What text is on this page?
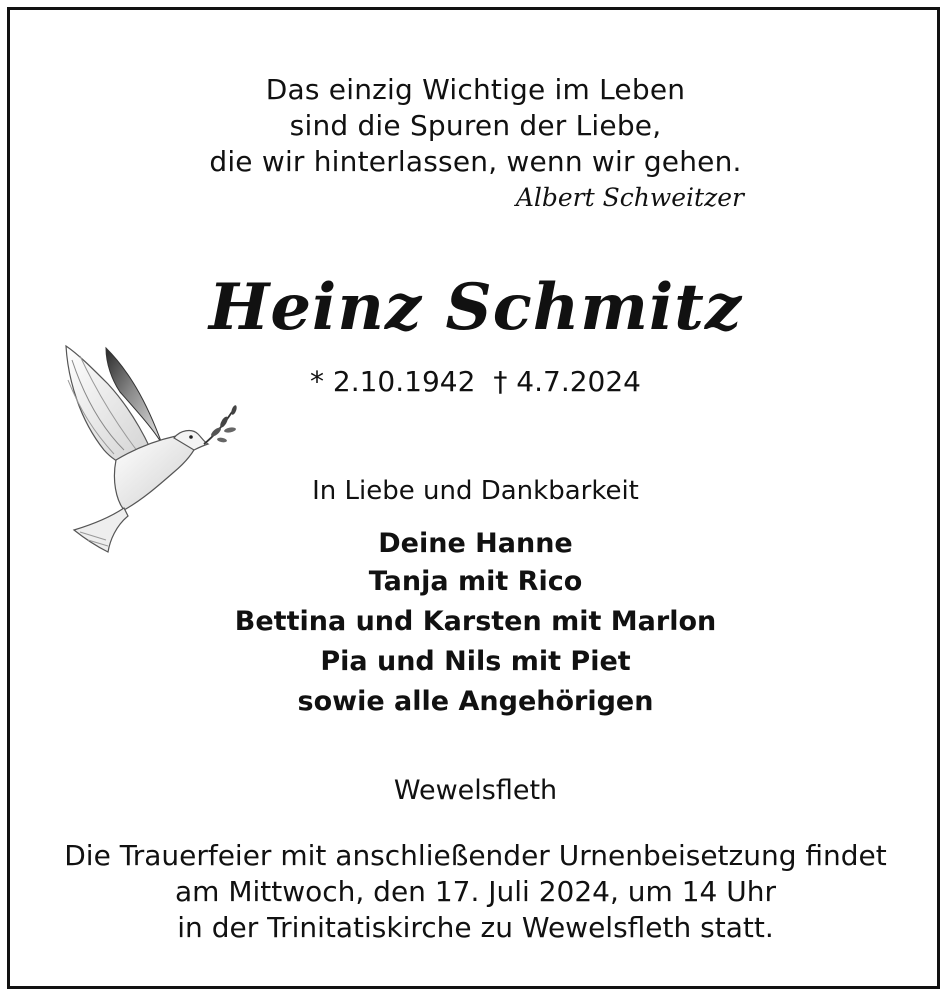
Das einzig Wichtige im Leben
sind die Spuren der Liebe,
die wir hinterlassen, wenn wir gehen.
Albert Schweitzer
Heinz Schmitz
* 2.10.1942 † 4.7.2024
In Liebe und Dankbarkeit
Deine Hanne
Tanja mit Rico
Bettina und Karsten mit Marlon
Pia und Nils mit Piet
sowie alle Angehörigen
Wewelsfleth
Die Trauerfeier mit anschließender Urnenbeisetzung findet
am Mittwoch, den 17. Juli 2024, um 14 Uhr
in der Trinitatiskirche zu Wewelsfleth statt.
